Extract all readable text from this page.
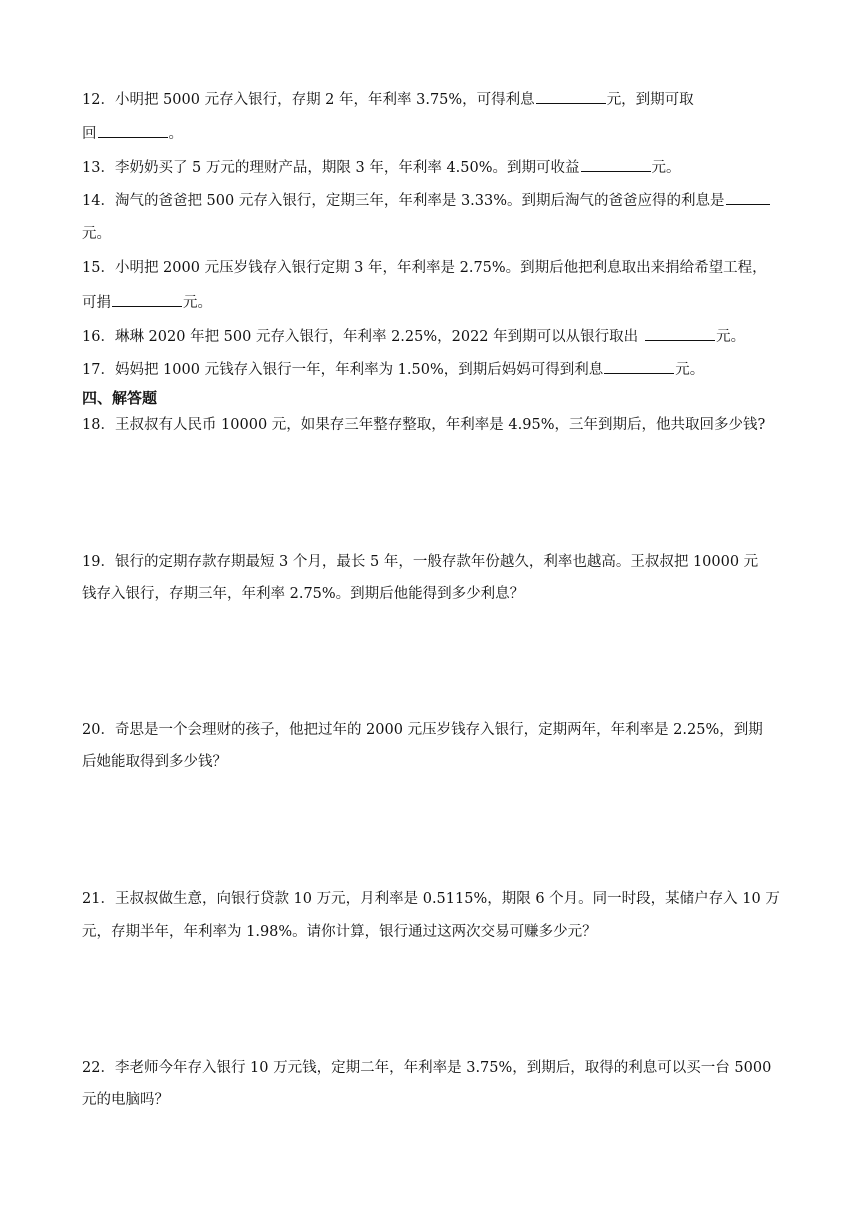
12．小明把 5000 元存入银行，存期 2 年，年利率 3.75%，可得利息	元，到期可取
回	。
13．李奶奶买了 5 万元的理财产品，期限 3 年，年利率 4.50%。到期可收益	元。
14．淘气的爸爸把 500 元存入银行，定期三年，年利率是 3.33%。到期后淘气的爸爸应得的利息是
元。
15．小明把 2000 元压岁钱存入银行定期 3 年，年利率是 2.75%。到期后他把利息取出来捐给希望工程，
可捐	元。
16．琳琳 2020 年把 500 元存入银行，年利率 2.25%，2022 年到期可以从银行取出	元。
17．妈妈把 1000 元钱存入银行一年，年利率为 1.50%，到期后妈妈可得到利息	元。
四、解答题
18．王叔叔有人民币 10000 元，如果存三年整存整取，年利率是 4.95%，三年到期后，他共取回多少钱?
19．银行的定期存款存期最短 3 个月，最长 5 年，一般存款年份越久，利率也越高。王叔叔把 10000 元
钱存入银行，存期三年，年利率 2.75%。到期后他能得到多少利息？
20．奇思是一个会理财的孩子，他把过年的 2000 元压岁钱存入银行，定期两年，年利率是 2.25%，到期
后她能取得到多少钱？
21．王叔叔做生意，向银行贷款 10 万元，月利率是 0.5115%，期限 6 个月。同一时段，某储户存入 10 万
元，存期半年，年利率为 1.98%。请你计算，银行通过这两次交易可赚多少元？
22．李老师今年存入银行 10 万元钱，定期二年，年利率是 3.75%，到期后，取得的利息可以买一台 5000
元的电脑吗？
